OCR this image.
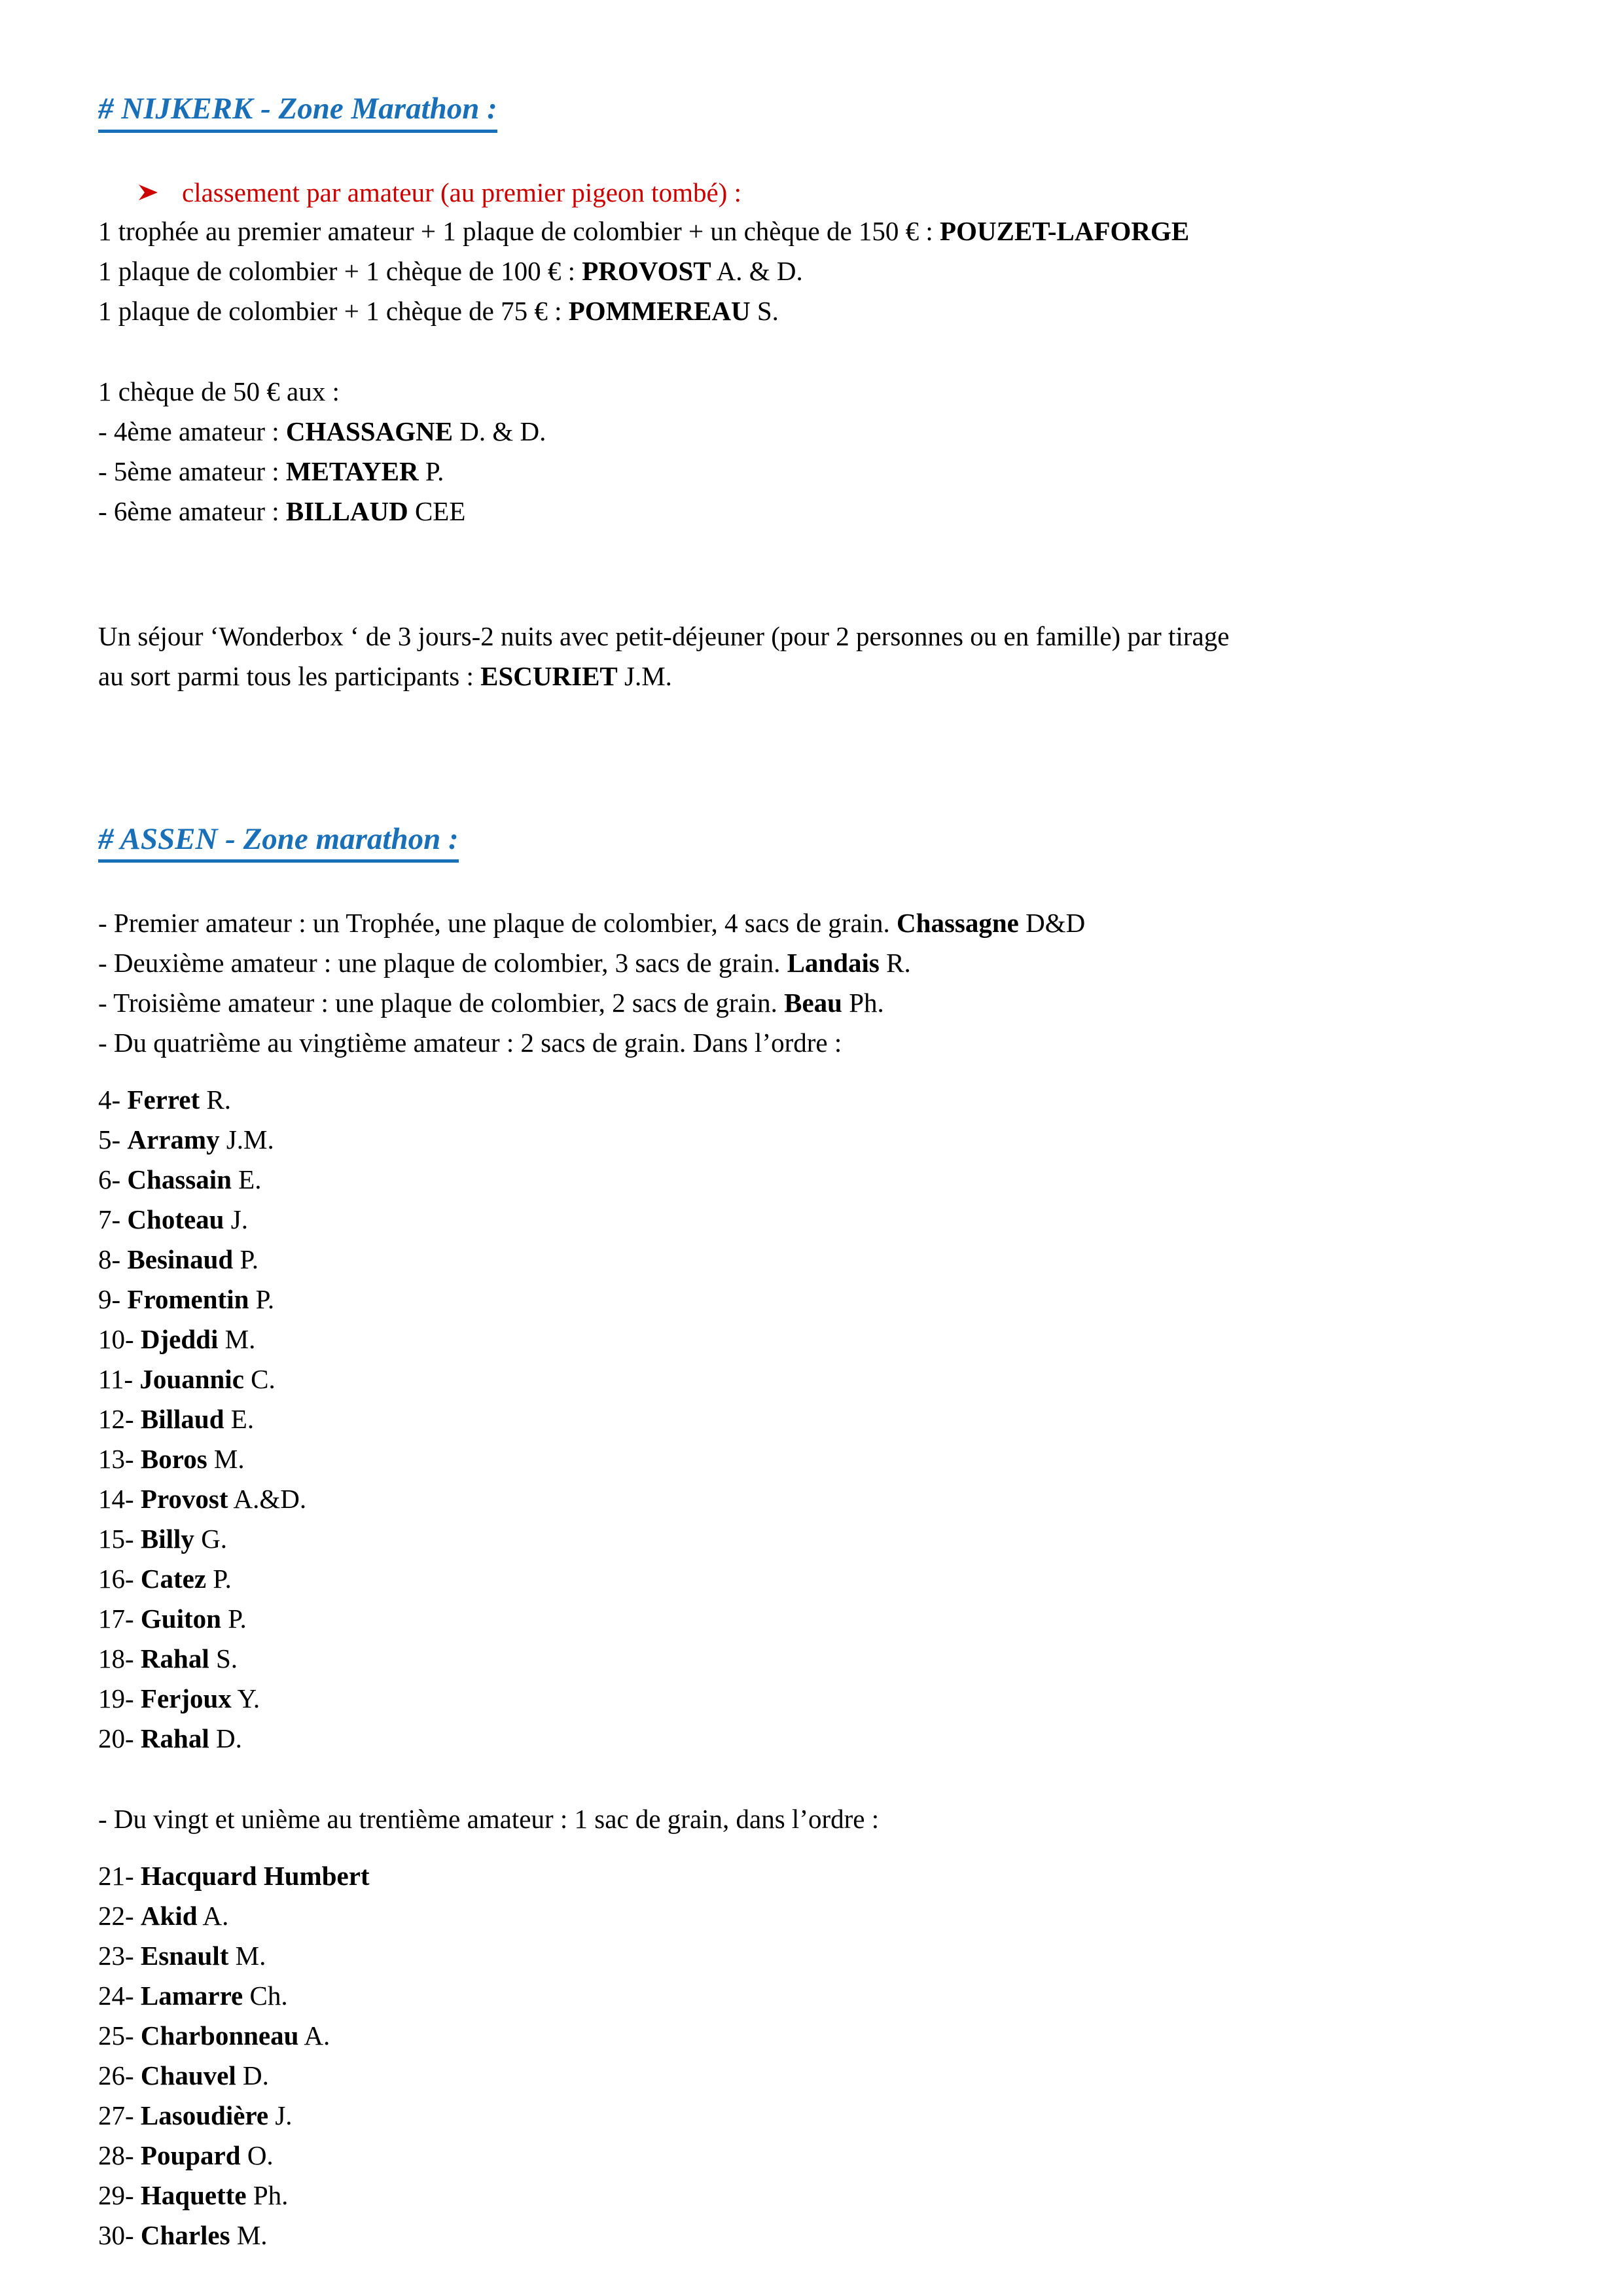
# NIJKERK - Zone Marathon :

classement par amateur (au premier pigeon tombé) :

1 trophée au premier amateur + 1 plaque de colombier + un chèque de 150 € : POUZET-LAFORGE
1 plaque de colombier + 1 chèque de 100 € : PROVOST A. & D.
1 plaque de colombier + 1 chèque de 75 € : POMMEREAU S.

1 chèque de 50 € aux :

- 4ème amateur : CHASSAGNE D. & D.
- 5ème amateur : METAYER P.
- 6ème amateur : BILLAUD CEE

Un séjour ‘Wonderbox ‘ de 3 jours-2 nuits avec petit-déjeuner (pour 2 personnes ou en famille) par tirage
au sort parmi tous les participants : ESCURIET J.M.

# ASSEN - Zone marathon :
- Premier amateur : un Trophée, une plaque de colombier, 4 sacs de grain. Chassagne D&D
- Deuxième amateur : une plaque de colombier, 3 sacs de grain. Landais R.
- Troisième amateur : une plaque de colombier, 2 sacs de grain. Beau Ph.
- Du quatrième au vingtième amateur : 2 sacs de grain. Dans l’ordre :
4- Ferret R.
5- Arramy J.M.
6- Chassain E.
7- Choteau J.
8- Besinaud P.
9- Fromentin P.
10- Djeddi M.
11- Jouannic C.
12- Billaud E.
13- Boros M.
14- Provost A.&D.
15- Billy G.
16- Catez P.
17- Guiton P.
18- Rahal S.
19- Ferjoux Y.
20- Rahal D.

- Du vingt et unième au trentième amateur : 1 sac de grain, dans l’ordre :

21- Hacquard Humbert
22- Akid A.
23- Esnault M.
24- Lamarre Ch.
25- Charbonneau A.
26- Chauvel D.
27- Lasoudière J.
28- Poupard O.
29- Haquette Ph.
30- Charles M.
